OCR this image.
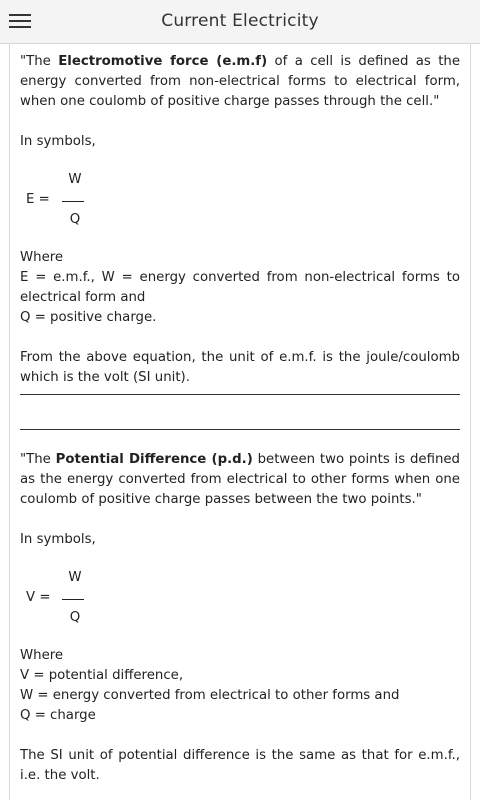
Current Electricity

"The Electromotive force (e.m.f) of a cell is defined as the energy converted from non-electrical forms to electrical form, when one coulomb of positive charge passes through the cell."

In symbols,

E =
W
Q

Where

E = e.m.f., W = energy converted from non-electrical forms to electrical form and

Q = positive charge.

From the above equation, the unit of e.m.f. is the joule/coulomb which is the volt (SI unit).

"The Potential Difference (p.d.) between two points is defined as the energy converted from electrical to other forms when one coulomb of positive charge passes between the two points."

In symbols,

V =
W
Q

Where

V = potential difference,

W = energy converted from electrical to other forms and

Q = charge

The SI unit of potential difference is the same as that for e.m.f., i.e. the volt.
